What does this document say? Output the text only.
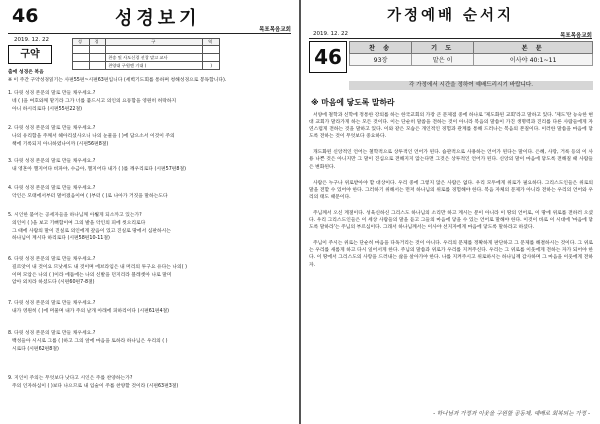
46	성경보기
목포목음교회
2019. 12. 22
구약
성	경	구	역

		찬송 및 사도신경 선창 맡고 교사	
		찬양대 구원엔 기대 (	)
출애 성경은 복음
※ 이 주간 구약성경읽기는 사편55편~시편63편입니다 (세벽기도회를 통하며 청해성경으로 봉독합니다).
1. 다윗 성경 본문의 말로 만들 채우세요.?
네 ( )을 여호와께 맡기라 그가 너를 붙드시고 의인의 요동함을 영원히 허락하지
아니 하시리로다 (시편55편22절)
2. 다윗 성경 본문의 말로 만들 채우세요.?
나의 유리함을 주께서 헤아리셨사오니 나의 눈물을 ( )에 담으소서 이것이 주의
책에 기록되지 아니하였나이까 (시편56편8절)
3. 다윗 성경 본문의 말로 만들 채우세요.?
내 영혼아 깰지어다 비파야, 수금아, 깰지어다 내가 ( )를 깨우리로다 (시편57편8절)
4. 다윗 성경 본문의 말로 만들 채우세요.?
악인은 모태에서부터 멀어졌음이여 ( )부터 ( )로 나아가 거짓을 말하는도다
5. 시인한 불어는 공세자들을 하나님께 아뢸게 되소까고 있는가?
의인이 ( )을 보고 기뻐함이여 그의 발을 악인의 피에 씻으리로다
그 때에 사람의 말이 진실로 의인에게 갚음이 있고 진실로 땅에서 심판하시는
하나님이 계시다 하리로다 (시편58편10-11절)
6. 다윗 성경 본문의 말로 만들 채우세요.?
길르앗이 내 것이요 므낫세도 내 것이며 에브라임은 내 머리의 투구요 유다는 나의( )
이며 모압은 나의 ( )이라 에돔에는 나의 신발을 던지리라 블레셋아 나로 말미
암아 외치라 하셨도다 (시편60편7-8절)
7. 다윗 성경 본문의 말로 만들 채우세요.?
내가 영원히 ( )에 머물며 내가 주의 날개 아래에 피하리이다 (시편61편4절)
8. 다윗 성경 본문의 말로 만들 채우세요.?
백성들아 시시로 그를 ( )하고 그의 앞에 마음을 토하라 하나님은 우리의 ( )
시로다 (시편62편8절)
9. 지인이 주의는 무엇보다 낫다고 시인은 주를 찬양하는가?
주의 인자하심이 ( )보다 나으므로 내 입술이 주를 찬양할 것이라 (시편63편3절)
가정예배 순서지
2019. 12. 22	목포목음교회
46	찬 송	기 도	본 문
93장	맡은 이	이사야 40:1~11
각 가정에서 시간을 정하여 예배드리시기 바랍니다.
※ 마음에 닿도록 말하라

서양에 철학과 신학에 정통한 강의를 하는 한국교회의 가장 큰 문제점 중에 하나로 '제도화된 교회'라고 말하고 있다. '제도'란 능숙한 현대 교회가 말라가게 하는 모든 것이다. 이는 단순히 말씀을 전하는 것이 아니라 복음의 말씀이 가진 생명력과 진리를 다른 사람들에게 자연스럽게 전하는 것을 말하고 있다. 이와 같은 모습은 개인적인 경험과 관계를 통해 드러나는 복음의 본질이다. 이러한 말씀을 마음에 닿도록 전하는 것이 무엇보다 중요하다.

개도화된 신앙적인 언어는 철학적으로 상투적인 언어가 된다. 습관적으로 사용하는 언어가 된다는 말이다. 은혜, 사랑, 거룩 등의 이 사용 나쁜 것은 아니지만 그 말이 진심으로 전해지지 않는다면 그것은 상투적인 언어가 된다. 신앙의 말이 마음에 닿도록 전해질 때 사람들은 변화된다.

사람은 누구나 위로받아야 할 대상이다. 우리 중에 그렇지 않은 사람은 없다. 우리 모두에게 위로가 필요하다. 그리스도인들은 위로의 말을 전할 수 있어야 한다. 그러하기 위해서는 먼저 하나님의 위로를 경험해야 한다. 복음 자체의 문제가 아니라 전하는 우리의 언어와 우리의 태도 때문이다.

주님께서 오신 계절이다. 성육신하신 그리스도 하나님의 소리만 하고 계시는 분이 아니라 이 땅의 언어로, 이 땅에 위로를 전하러 오셨다. 우리 그리스도인들은 이 세상 사람들의 말을 듣고 그들의 마음에 닿을 수 있는 언어로 말해야 한다. 이것이 바로 이 시대에 '마음에 닿도록 말하라'는 주님의 부르심이다. 그래서 하나님께서는 이사야 선지자에게 마음에 닿도록 말하라고 하셨다.

주님이 주시는 위로는 단순히 마음을 다독거리는 것이 아니다. 우리의 문제를 정확하게 판단하고 그 문제를 해결하시는 것이다. 그 위로는 우리를 새롭게 하고 다시 일어서게 한다. 주님의 말씀과 위로가 우리를 지켜주신다. 우리는 그 위로를 이웃에게 전하는 자가 되어야 한다. 이 땅에서 그리스도의 사랑을 드러내는 삶을 살아가야 한다. 나를 지켜주시고 위로하시는 하나님께 감사하며 그 마음을 이웃에게 전하자.

- 하나님과 가정과 이웃을 구원할 공동체, 예배로 회복되는 가정 -
